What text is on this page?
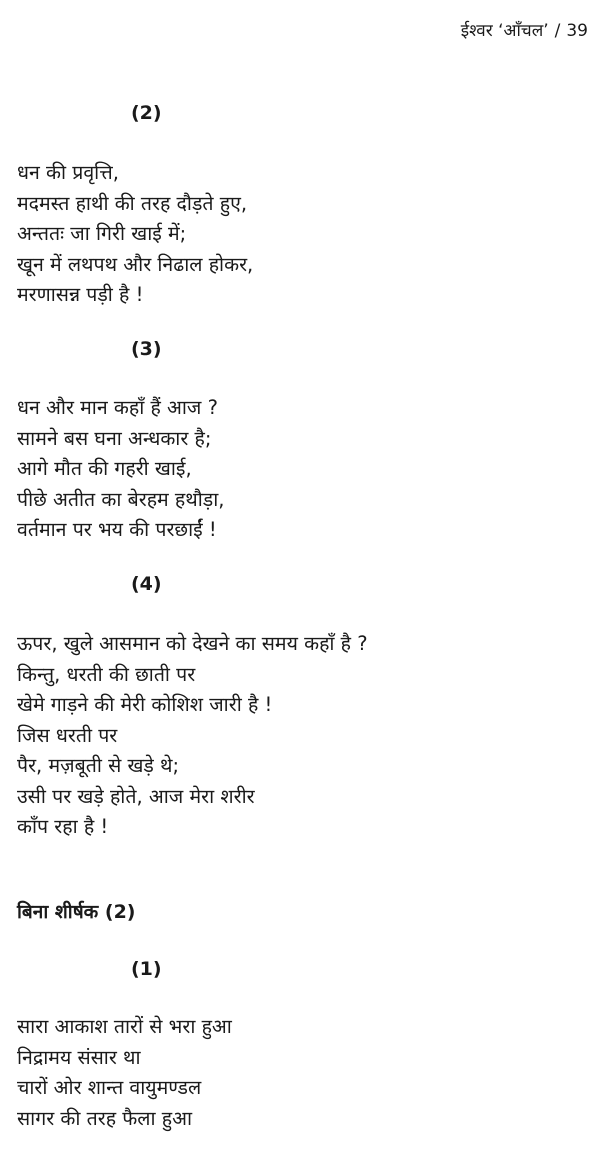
ईश्वर ‘आँचल’ / 39
(2)
धन की प्रवृत्ति,
मदमस्त हाथी की तरह दौड़ते हुए,
अन्ततः जा गिरी खाई में;
खून में लथपथ और निढाल होकर,
मरणासन्न पड़ी है !
(3)
धन और मान कहाँ हैं आज ?
सामने बस घना अन्धकार है;
आगे मौत की गहरी खाई,
पीछे अतीत का बेरहम हथौड़ा,
वर्तमान पर भय की परछाईं !
(4)
ऊपर, खुले आसमान को देखने का समय कहाँ है ?
किन्तु, धरती की छाती पर
खेमे गाड़ने की मेरी कोशिश जारी है !
जिस धरती पर
पैर, मज़बूती से खड़े थे;
उसी पर खड़े होते, आज मेरा शरीर
काँप रहा है !
बिना शीर्षक (2)
(1)
सारा आकाश तारों से भरा हुआ
निद्रामय संसार था
चारों ओर शान्त वायुमण्डल
सागर की तरह फैला हुआ
